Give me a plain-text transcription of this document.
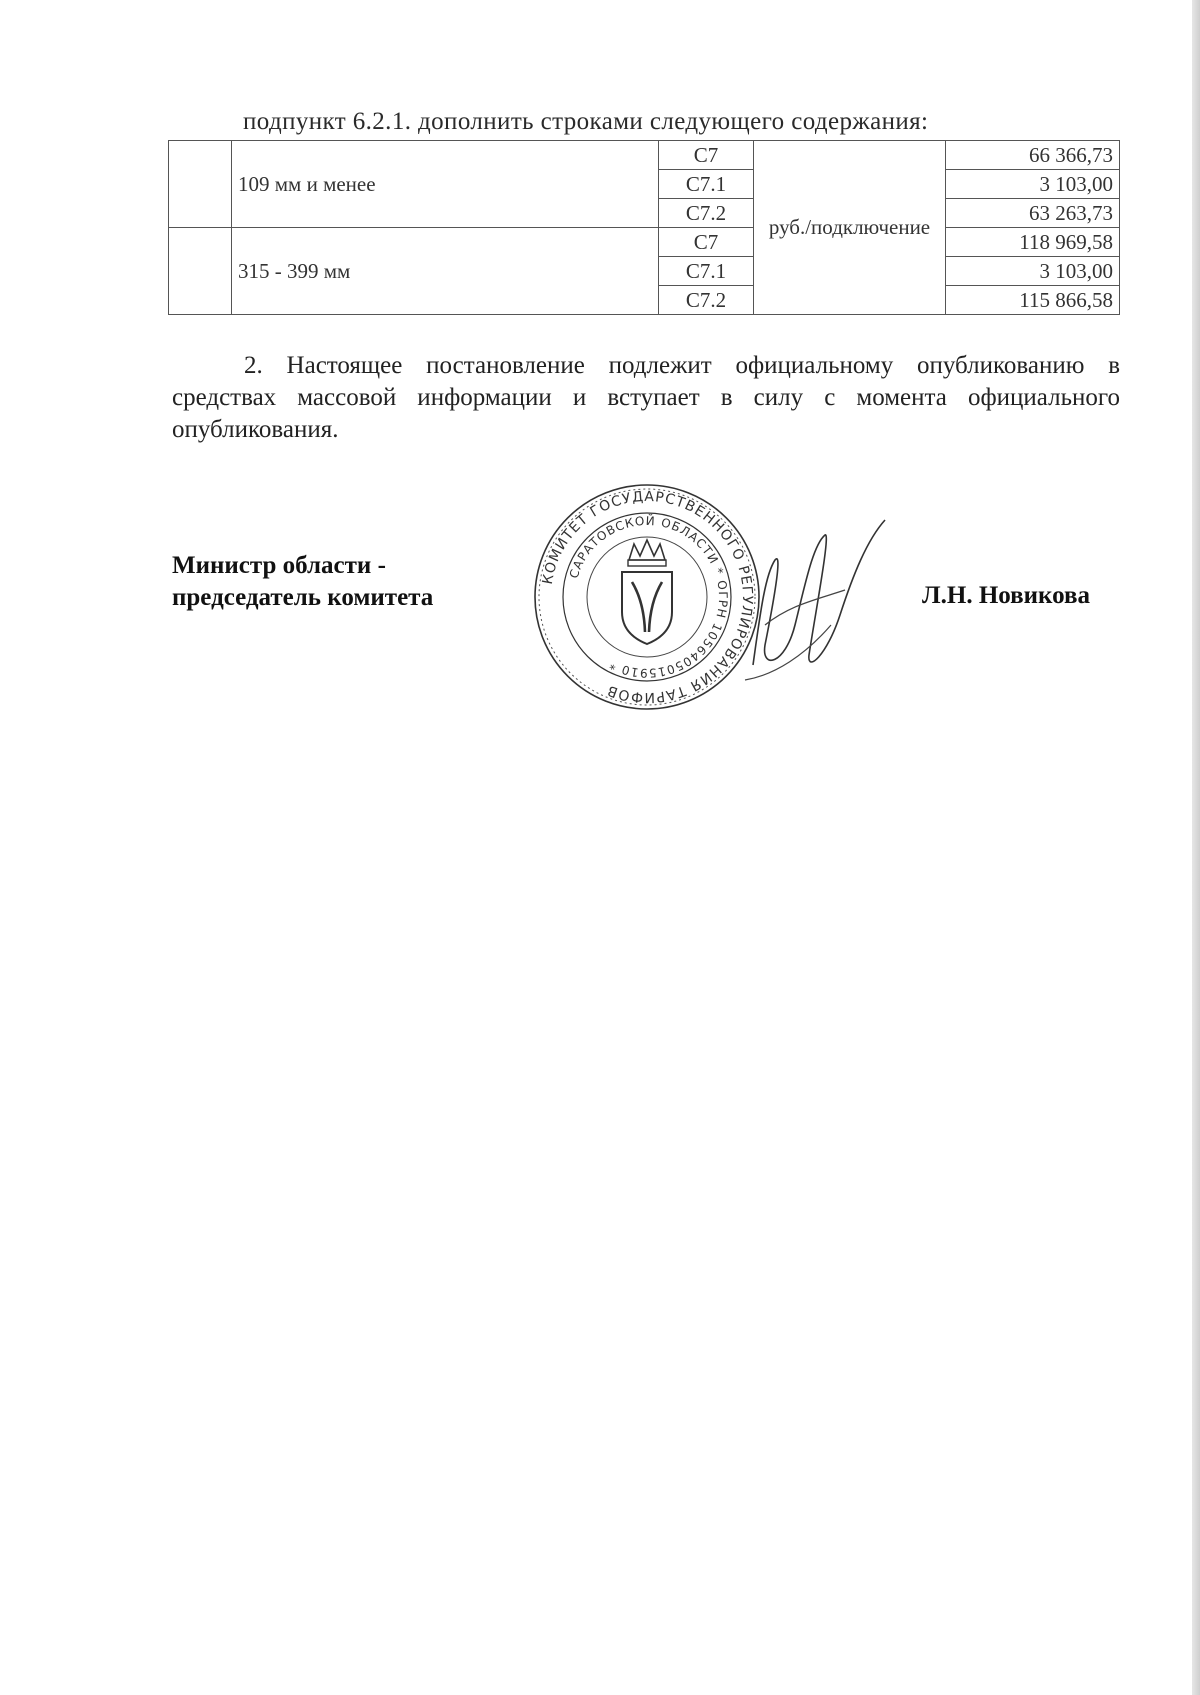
подпункт 6.2.1. дополнить строками следующего содержания:
	109 мм и менее	С7	руб./подключение	66 366,73
		С7.1		3 103,00
		С7.2		63 263,73
	315 - 399 мм	С7		118 969,58
		С7.1		3 103,00
		С7.2		115 866,58

2. Настоящее постановление подлежит официальному опубликованию в средствах массовой информации и вступает в силу с момента официального опубликования.

Министр области -
председатель комитета	Л.Н. Новикова
КОМИТЕТ ГОСУДАРСТВЕННОГО РЕГУЛИРОВАНИЯ ТАРИФОВ
САРАТОВСКОЙ ОБЛАСТИ * ОГРН 1056405015910 *
